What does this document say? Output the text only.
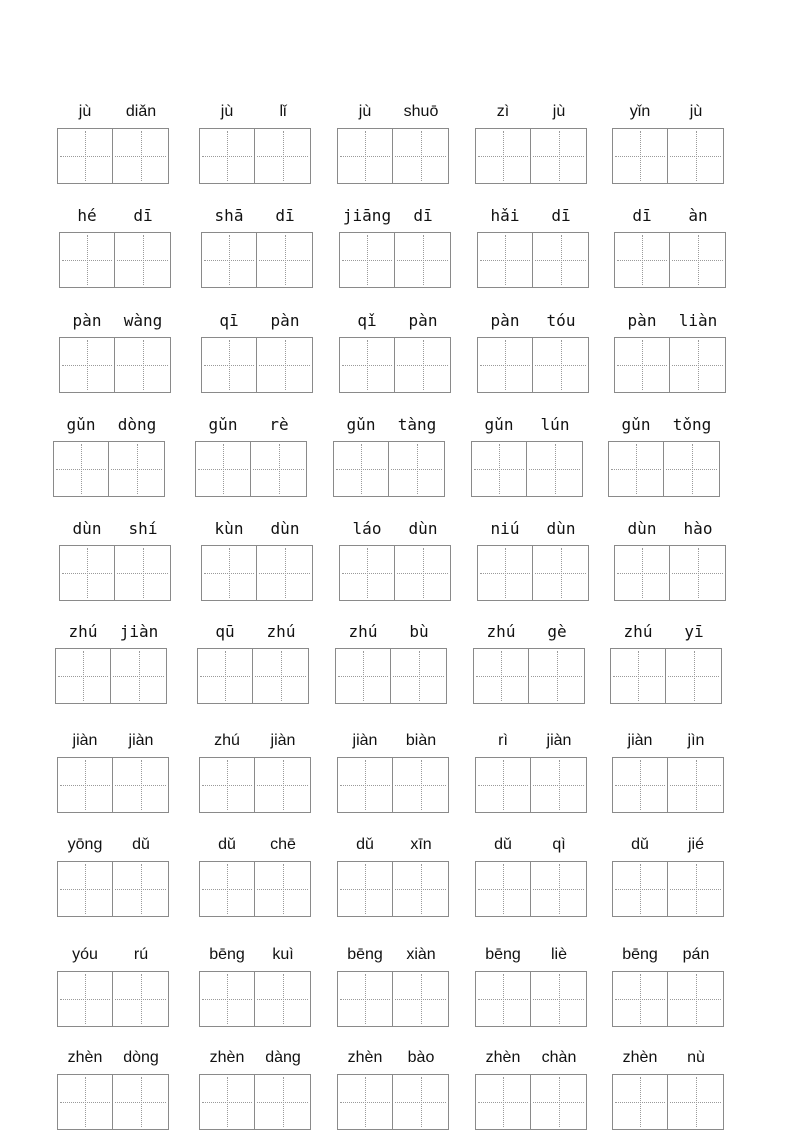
jù	diǎn	jù	lǐ	jù	shuō	zì	jù	yǐn	jù
hé	dī	shā	dī	jiāng	dī	hǎi	dī	dī	àn
pàn	wàng	qī	pàn	qǐ	pàn	pàn	tóu	pàn	liàn
gǔn	dòng	gǔn	rè	gǔn	tàng	gǔn	lún	gǔn	tǒng
dùn	shí	kùn	dùn	láo	dùn	niú	dùn	dùn	hào
zhú	jiàn	qū	zhú	zhú	bù	zhú	gè	zhú	yī
jiàn	jiàn	zhú	jiàn	jiàn	biàn	rì	jiàn	jiàn	jìn
yōng	dǔ	dǔ	chē	dǔ	xīn	dǔ	qì	dǔ	jié
yóu	rú	bēng	kuì	bēng	xiàn	bēng	liè	bēng	pán
zhèn	dòng	zhèn	dàng	zhèn	bào	zhèn	chàn	zhèn	nù
